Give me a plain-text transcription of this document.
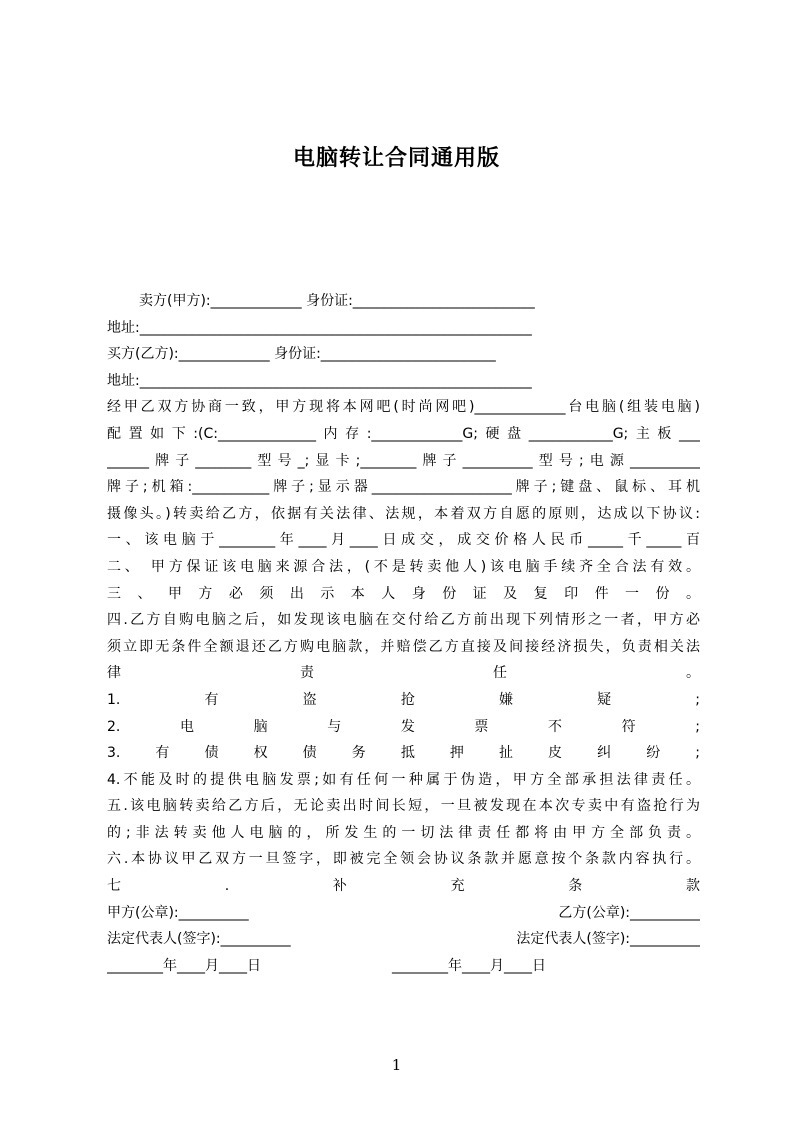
电脑转让合同通用版
卖方(甲方):_____________ 身份证:__________________________
地址:________________________________________________________
买方(乙方):_____________ 身份证:_________________________
地址:________________________________________________________
经甲乙双方协商一致，甲方现将本网吧(时尚网吧)_____________台电脑(组装电脑)
配置如下:(C:______________内存:_____________G;硬盘____________G;主板___
______牌子________型号_;显卡;________牌子__________型号;电源__________
牌子;机箱:___________牌子;显示器____________________牌子;键盘、鼠标、耳机
摄像头。)转卖给乙方，依据有关法律、法规，本着双方自愿的原则，达成以下协议:
一、该电脑于________年____月____日成交，成交价格人民币_____千_____百
二、 甲方保证该电脑来源合法，(不是转卖他人)该电脑手续齐全合法有效。
三、甲方必须出示本人身份证及复印件一份。
四.乙方自购电脑之后，如发现该电脑在交付给乙方前出现下列情形之一者，甲方必
须立即无条件全额退还乙方购电脑款，并赔偿乙方直接及间接经济损失，负责相关法
律责任。
1.有盗抢嫌疑;
2.电脑与发票不符;
3.有债权债务抵押扯皮纠纷;
4.不能及时的提供电脑发票;如有任何一种属于伪造，甲方全部承担法律责任。
五.该电脑转卖给乙方后，无论卖出时间长短，一旦被发现在本次专卖中有盗抢行为
的;非法转卖他人电脑的，所发生的一切法律责任都将由甲方全部负责。
六.本协议甲乙双方一旦签字，即被完全领会协议条款并愿意按个条款内容执行。
七.补充条款
甲方(公章):__________	乙方(公章):__________
法定代表人(签字):__________	法定代表人(签字):__________
________年____月____日	________年____月____日
1
